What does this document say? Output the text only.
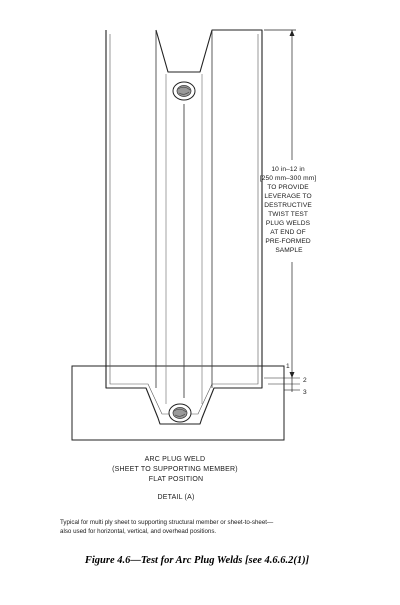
10 in–12 in [250 mm–300 mm] TO PROVIDE LEVERAGE TO DESTRUCTIVE TWIST TEST PLUG WELDS AT END OF PRE-FORMED SAMPLE
1
2
3
ARC PLUG WELD (SHEET TO SUPPORTING MEMBER) FLAT POSITION
DETAIL (A)
Typical for multi ply sheet to supporting structural member or sheet-to-sheet— also used for horizontal, vertical, and overhead positions.
Figure 4.6—Test for Arc Plug Welds [see 4.6.6.2(1)]
